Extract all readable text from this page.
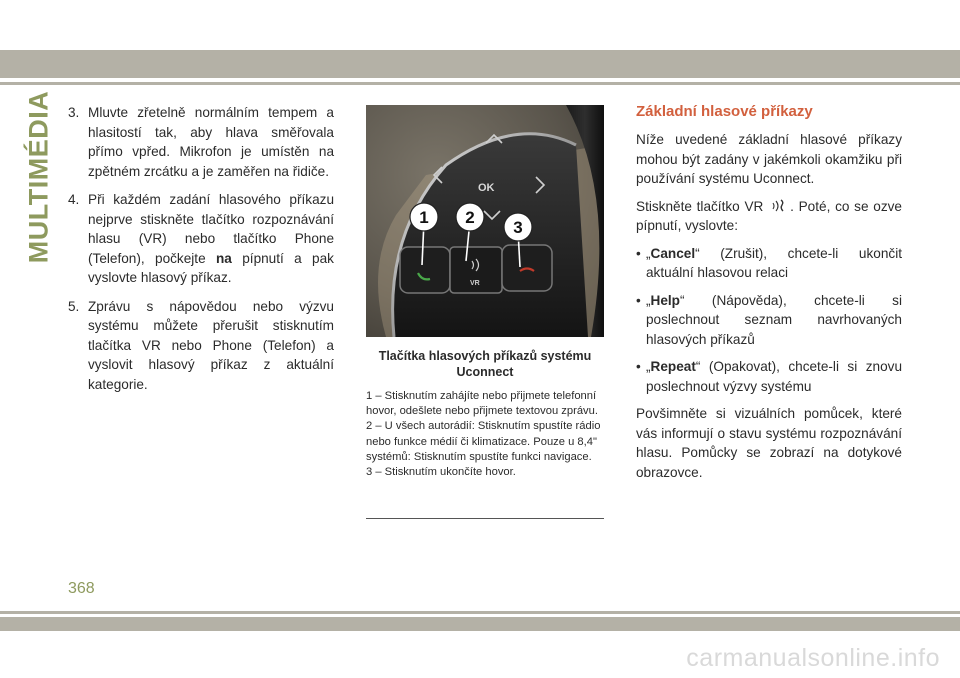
MULTIMÉDIA 3. Mluvte zřetelně normálním tempem a hlasitostí tak, aby hlava směřovala přímo vpřed. Mikrofon je umístěn na zpětném zrcátku a je zaměřen na řidiče.
4. Při každém zadání hlasového příkazu nejprve stiskněte tlačítko rozpoznávání hlasu (VR) nebo tlačítko Phone (Telefon), počkejte na pípnutí a pak vyslovte hlasový příkaz.
5. Zprávu s nápovědou nebo výzvu systému můžete přerušit stisknutím tlačítka VR nebo Phone (Telefon) a vyslovit hlasový příkaz z aktuální kategorie.
OK
VR
1 2
3
Tlačítka hlasových příkazů systému Uconnect
1 – Stisknutím zahájíte nebo přijmete telefonní hovor, odešlete nebo přijmete textovou zprávu.
2 – U všech autorádií: Stisknutím spustíte rádio nebo funkce médií či klimatizace. Pouze u 8,4" systémů: Stisknutím spustíte funkci navigace.
3 – Stisknutím ukončíte hovor.
Základní hlasové příkazy
Níže uvedené základní hlasové příkazy mohou být zadány v jakémkoli okamžiku při používání systému Uconnect.
Stiskněte tlačítko VR . Poté, co se ozve pípnutí, vyslovte:
• „Cancel“ (Zrušit), chcete-li ukončit aktuální hlasovou relaci
• „Help“ (Nápověda), chcete-li si poslechnout seznam navrhovaných hlasových příkazů
• „Repeat“ (Opakovat), chcete-li si znovu poslechnout výzvy systému
Povšimněte si vizuálních pomůcek, které vás informují o stavu systému rozpoznávání hlasu. Pomůcky se zobrazí na dotykové obrazovce.
368
carmanualsonline.info
